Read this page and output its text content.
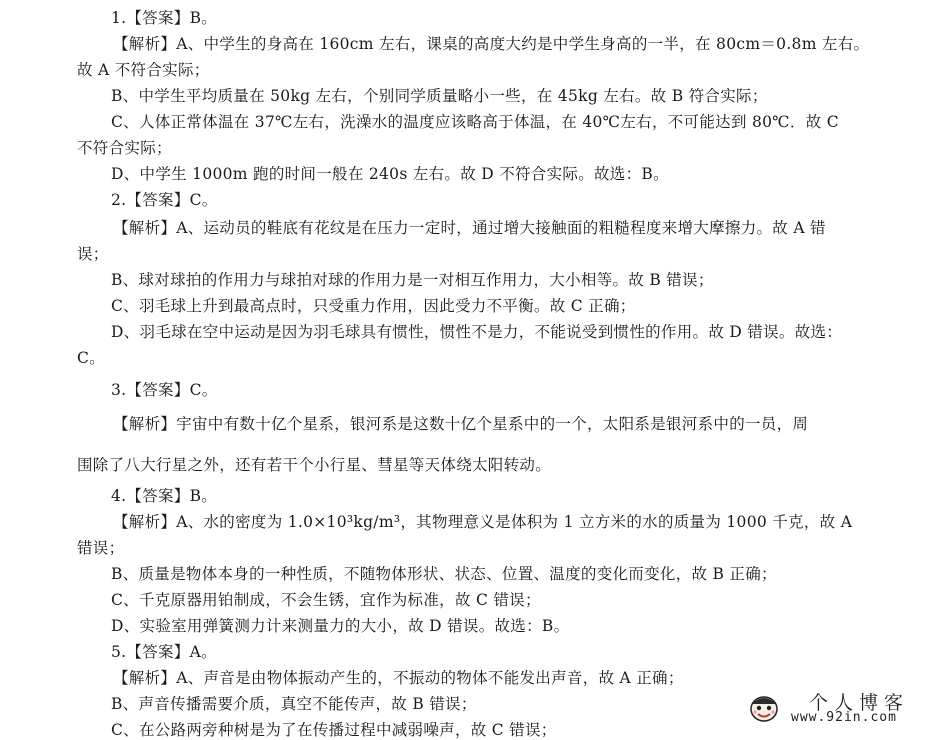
1.【答案】B。
【解析】A、中学生的身高在 160cm 左右，课桌的高度大约是中学生身高的一半，在 80cm＝0.8m 左右。
故 A 不符合实际；
B、中学生平均质量在 50kg 左右，个别同学质量略小一些，在 45kg 左右。故 B 符合实际；
C、人体正常体温在 37℃左右，洗澡水的温度应该略高于体温，在 40℃左右，不可能达到 80℃．故 C
不符合实际；
D、中学生 1000m 跑的时间一般在 240s 左右。故 D 不符合实际。故选：B。
2.【答案】C。
【解析】A、运动员的鞋底有花纹是在压力一定时，通过增大接触面的粗糙程度来增大摩擦力。故 A 错
误；
B、球对球拍的作用力与球拍对球的作用力是一对相互作用力，大小相等。故 B 错误；
C、羽毛球上升到最高点时，只受重力作用，因此受力不平衡。故 C 正确；
D、羽毛球在空中运动是因为羽毛球具有惯性，惯性不是力，不能说受到惯性的作用。故 D 错误。故选：
C。
3.【答案】C。
【解析】宇宙中有数十亿个星系，银河系是这数十亿个星系中的一个，太阳系是银河系中的一员，周
围除了八大行星之外，还有若干个小行星、彗星等天体绕太阳转动。
4.【答案】B。
【解析】A、水的密度为 1.0×10³kg/m³，其物理意义是体积为 1 立方米的水的质量为 1000 千克，故 A
错误；
B、质量是物体本身的一种性质，不随物体形状、状态、位置、温度的变化而变化，故 B 正确；
C、千克原器用铂制成，不会生锈，宜作为标准，故 C 错误；
D、实验室用弹簧测力计来测量力的大小，故 D 错误。故选：B。
5.【答案】A。
【解析】A、声音是由物体振动产生的，不振动的物体不能发出声音，故 A 正确；
B、声音传播需要介质，真空不能传声，故 B 错误；
C、在公路两旁种树是为了在传播过程中减弱噪声，故 C 错误；
个人博客
www.92in.com
